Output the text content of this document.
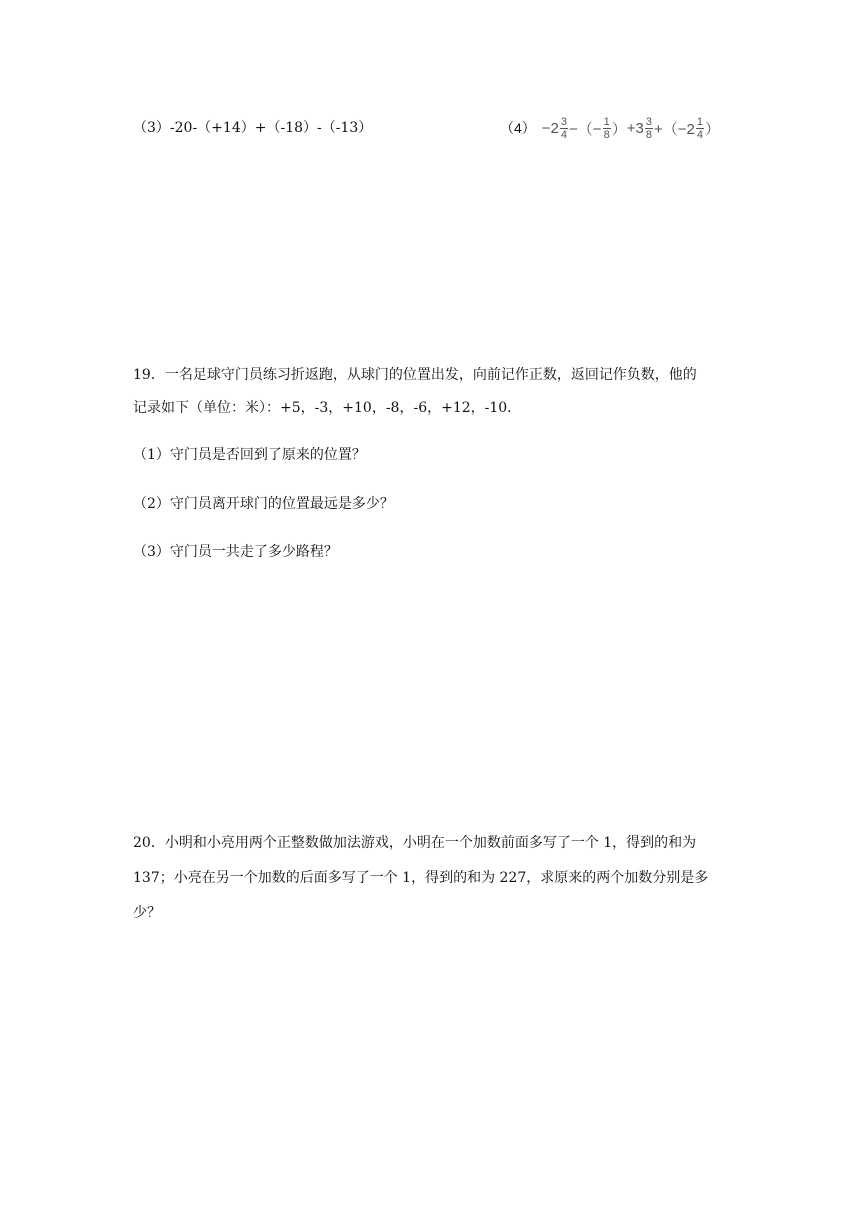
（3）-20-（+14）+（-18）-（-13）	$(4) -2 \frac{3}{4}$ −（− $\frac{1}{8}$ ） $+3 \frac{3}{8} +(-2 \frac{1}{4}$ ）
19．一名足球守门员练习折返跑，从球门的位置出发，向前记作正数，返回记作负数，他的
记录如下（单位：米）：+5，-3，+10，-8，-6，+12，-10．
（1）守门员是否回到了原来的位置？
（2）守门员离开球门的位置最远是多少？
（3）守门员一共走了多少路程？
20．小明和小亮用两个正整数做加法游戏，小明在一个加数前面多写了一个 1，得到的和为
137；小亮在另一个加数的后面多写了一个 1，得到的和为 227，求原来的两个加数分别是多
少？
